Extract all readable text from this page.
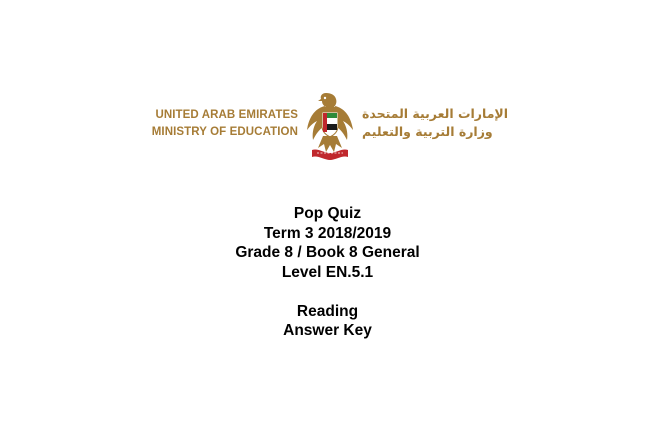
UNITED ARAB EMIRATES
MINISTRY OF EDUCATION
الإمارات العربية المتحدة
وزارة التربية والتعليم
Pop Quiz
Term 3 2018/2019
Grade 8 / Book 8 General
Level EN.5.1
Reading
Answer Key
